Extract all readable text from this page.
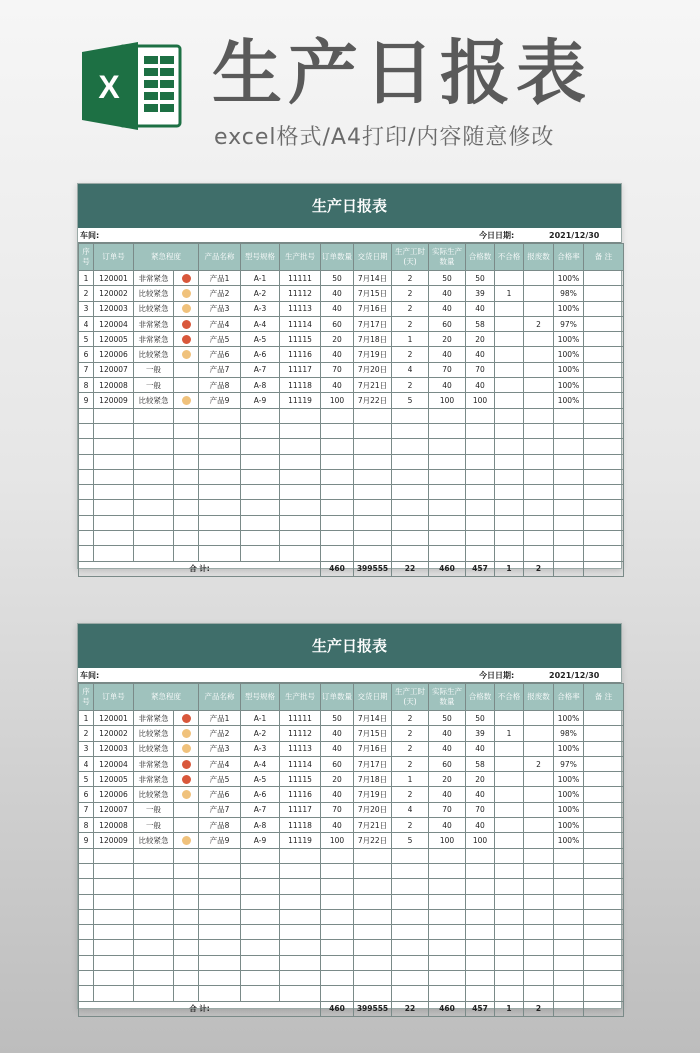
X 生产日报表
excel格式/A4打印/内容随意修改
生产日报表
车间:	今日日期:	2021/12/30
序号	订单号	紧急程度		产品名称	型号规格	生产批号	订单数量	交货日期	生产工时(天)	实际生产数量	合格数	不合格	报废数	合格率	备 注
1	120001	非常紧急		产品1	A-1	11111	50	7月14日	2	50	50			100%	
2	120002	比较紧急		产品2	A-2	11112	40	7月15日	2	40	39	1		98%	
3	120003	比较紧急		产品3	A-3	11113	40	7月16日	2	40	40			100%	
4	120004	非常紧急		产品4	A-4	11114	60	7月17日	2	60	58		2	97%	
5	120005	非常紧急		产品5	A-5	11115	20	7月18日	1	20	20			100%	
6	120006	比较紧急		产品6	A-6	11116	40	7月19日	2	40	40			100%	
7	120007	一般		产品7	A-7	11117	70	7月20日	4	70	70			100%	
8	120008	一般		产品8	A-8	11118	40	7月21日	2	40	40			100%	
9	120009	比较紧急		产品9	A-9	11119	100	7月22日	5	100	100			100%	

合 计:							460	399555	22	460	457	1	2		
生产日报表
车间:	今日日期:	2021/12/30
序号	订单号	紧急程度		产品名称	型号规格	生产批号	订单数量	交货日期	生产工时(天)	实际生产数量	合格数	不合格	报废数	合格率	备 注
1	120001	非常紧急		产品1	A-1	11111	50	7月14日	2	50	50			100%	
2	120002	比较紧急		产品2	A-2	11112	40	7月15日	2	40	39	1		98%	
3	120003	比较紧急		产品3	A-3	11113	40	7月16日	2	40	40			100%	
4	120004	非常紧急		产品4	A-4	11114	60	7月17日	2	60	58		2	97%	
5	120005	非常紧急		产品5	A-5	11115	20	7月18日	1	20	20			100%	
6	120006	比较紧急		产品6	A-6	11116	40	7月19日	2	40	40			100%	
7	120007	一般		产品7	A-7	11117	70	7月20日	4	70	70			100%	
8	120008	一般		产品8	A-8	11118	40	7月21日	2	40	40			100%	
9	120009	比较紧急		产品9	A-9	11119	100	7月22日	5	100	100			100%	

合 计:							460	399555	22	460	457	1	2		
